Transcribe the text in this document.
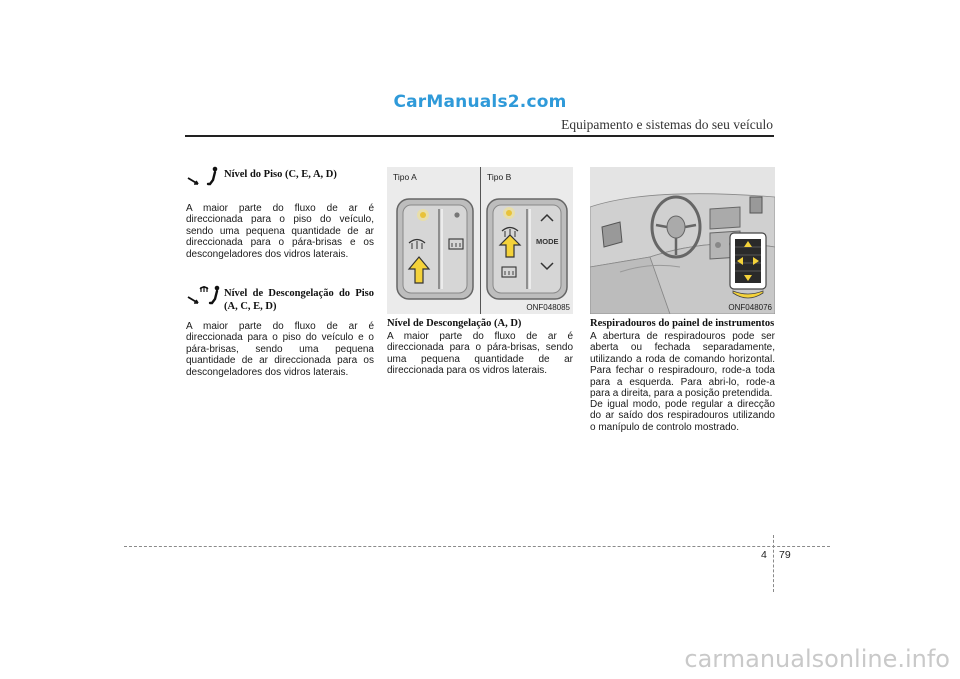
CarManuals2.com
Equipamento e sistemas do seu veículo
Nível do Piso (C, E, A, D)
A maior parte do fluxo de ar é direccionada para o piso do veículo, sendo uma pequena quantidade de ar direccionada para o pára-brisas e os descongeladores dos vidros laterais.
Nível de Descongelação do Piso (A, C, E, D)
A maior parte do fluxo de ar é direccionada para o piso do veículo e o pára-brisas, sendo uma pequena quantidade de ar direccionada para os descongeladores dos vidros laterais.
Tipo A	Tipo B
MODE
ONF048085
Nível de Descongelação (A, D)
A maior parte do fluxo de ar é direccionada para o pára-brisas, sendo uma pequena quantidade de ar direccionada para os vidros laterais.
ONF048076
Respiradouros do painel de instrumentos
A abertura de respiradouros pode ser aberta ou fechada separadamente, utilizando a roda de comando horizontal. Para fechar o respiradouro, rode-a toda para a esquerda. Para abri-lo, rode-a para a direita, para a posição pretendida.
De igual modo, pode regular a direcção do ar saído dos respiradouros utilizando o manípulo de controlo mostrado.
4 79
carmanualsonline.info
